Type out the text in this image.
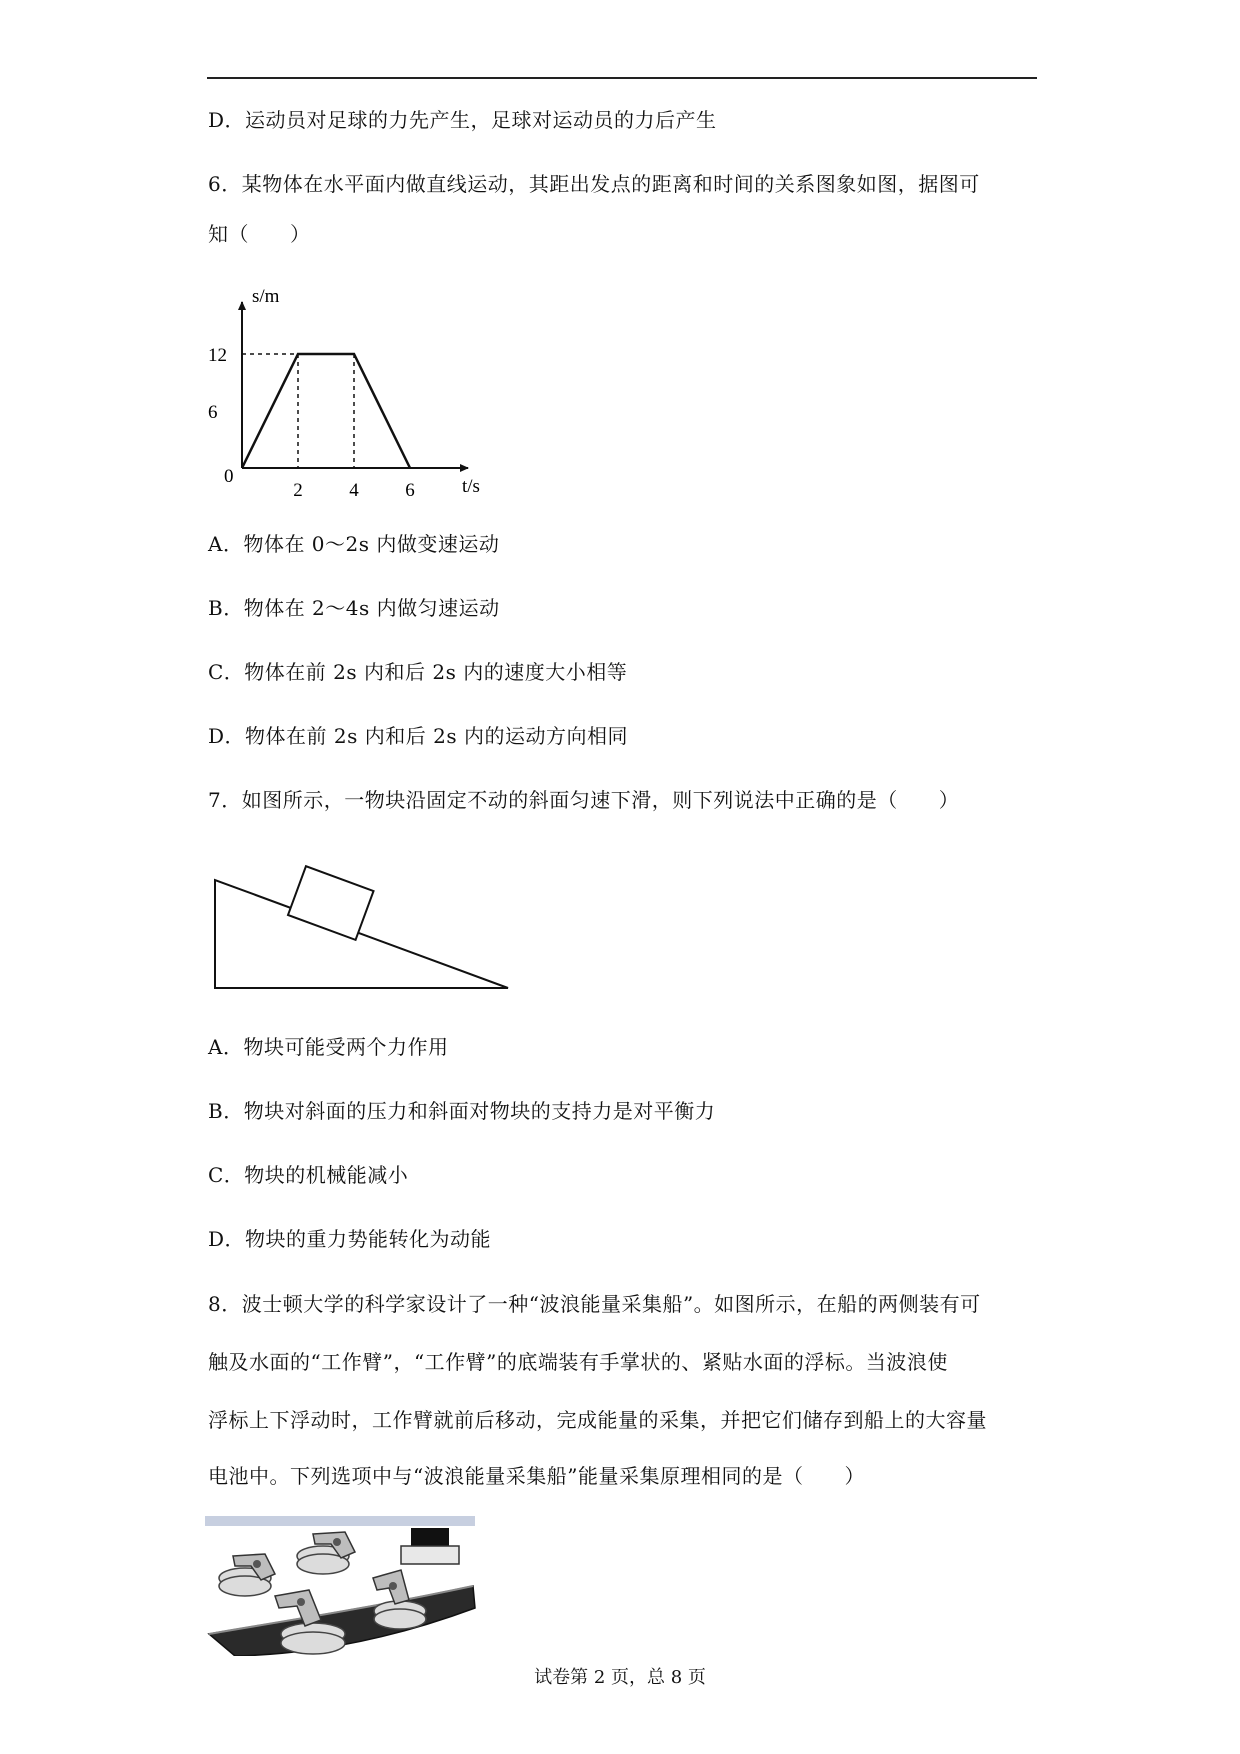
D．运动员对足球的力先产生，足球对运动员的力后产生
6．某物体在水平面内做直线运动，其距出发点的距离和时间的关系图象如图，据图可
知（　　）
2 4 6
6
12
s/m
t/s
0
A．物体在 0～2s 内做变速运动
B．物体在 2～4s 内做匀速运动
C．物体在前 2s 内和后 2s 内的速度大小相等
D．物体在前 2s 内和后 2s 内的运动方向相同
7．如图所示，一物块沿固定不动的斜面匀速下滑，则下列说法中正确的是（　　）
A．物块可能受两个力作用
B．物块对斜面的压力和斜面对物块的支持力是对平衡力
C．物块的机械能减小
D．物块的重力势能转化为动能
8．波士顿大学的科学家设计了一种“波浪能量采集船”。如图所示，在船的两侧装有可
触及水面的“工作臂”，“工作臂”的底端装有手掌状的、紧贴水面的浮标。当波浪使
浮标上下浮动时，工作臂就前后移动，完成能量的采集，并把它们储存到船上的大容量
电池中。下列选项中与“波浪能量采集船”能量采集原理相同的是（　　）
试卷第 2 页，总 8 页
